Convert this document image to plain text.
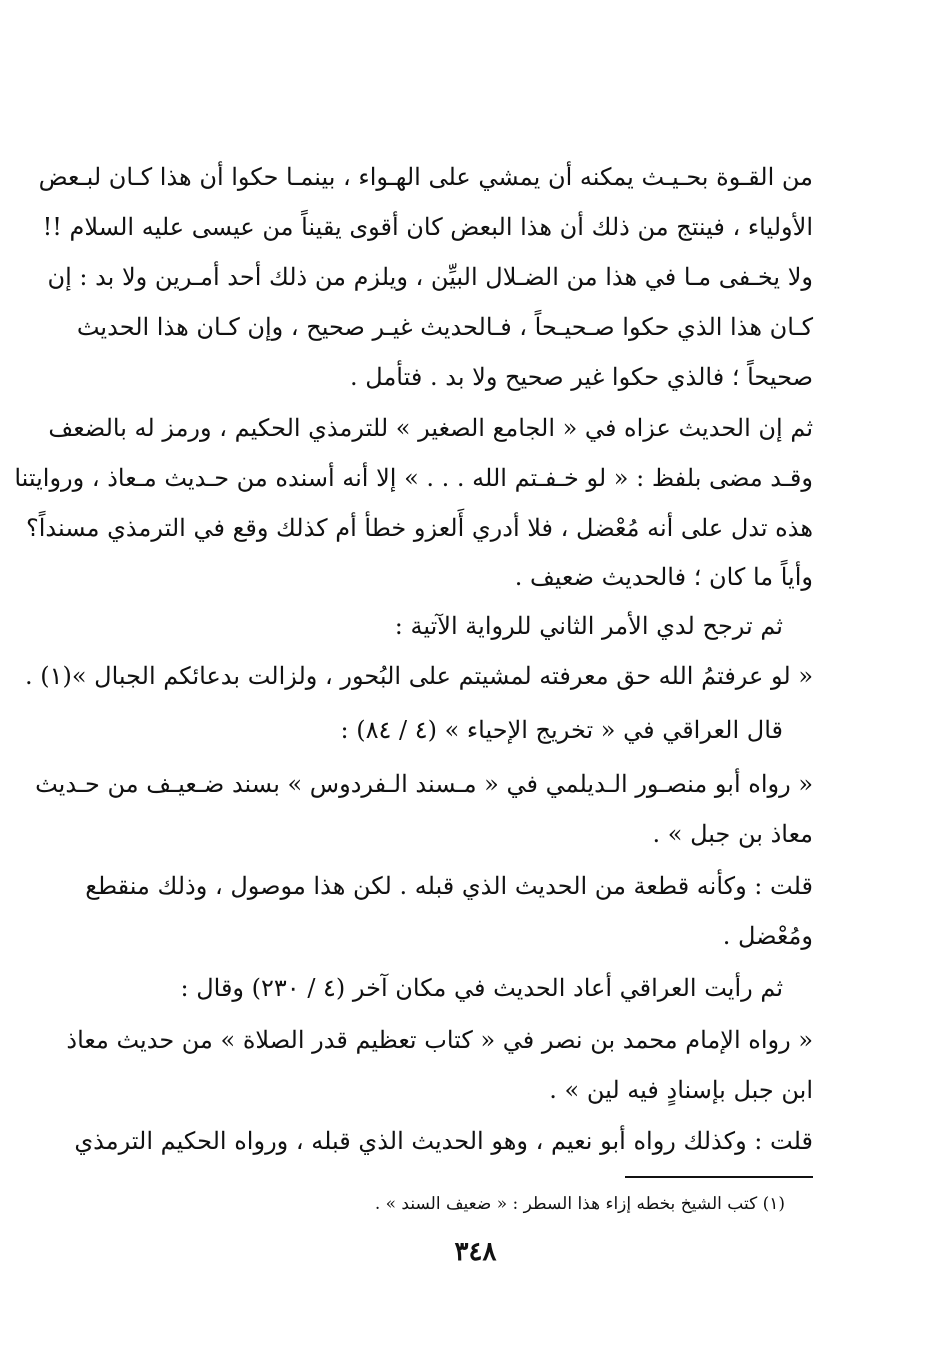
من القـوة بحـيـث يمكنه أن يمشي على الهـواء ، بينمـا حكوا أن هذا كـان لبـعض
الأولياء ، فينتج من ذلك أن هذا البعض كان أقوى يقيناً من عيسى عليه السلام !!
ولا يخـفى مـا في هذا من الضـلال البيِّن ، ويلزم من ذلك أحد أمـرين ولا بد : إن
كـان هذا الذي حكوا صـحيـحاً ، فـالحديث غيـر صحيح ، وإن كـان هذا الحديث
صحيحاً ؛ فالذي حكوا غير صحيح ولا بد . فتأمل .
ثم إن الحديث عزاه في « الجامع الصغير » للترمذي الحكيم ، ورمز له بالضعف
وقـد مضى بلفظ : « لو خـفـتم الله . . . » إلا أنه أسنده من حـديث مـعاذ ، وروايتنا
هذه تدل على أنه مُعْضل ، فلا أدري أَلعزو خطأ أم كذلك وقع في الترمذي مسنداً؟
وأياً ما كان ؛ فالحديث ضعيف .
ثم ترجح لدي الأمر الثاني للرواية الآتية :
« لو عرفتمُ الله حق معرفته لمشيتم على البُحور ، ولزالت بدعائكم الجبال »(١) .
قال العراقي في « تخريج الإحياء » (٤ / ٨٤) :
« رواه أبو منصـور الـديلمي في « مـسند الـفردوس » بسند ضـعيـف من حـديث
معاذ بن جبل » .
قلت : وكأنه قطعة من الحديث الذي قبله . لكن هذا موصول ، وذلك منقطع
ومُعْضل .
ثم رأيت العراقي أعاد الحديث في مكان آخر (٤ / ٢٣٠) وقال :
« رواه الإمام محمد بن نصر في « كتاب تعظيم قدر الصلاة » من حديث معاذ
ابن جبل بإسنادٍ فيه لين » .
قلت : وكذلك رواه أبو نعيم ، وهو الحديث الذي قبله ، ورواه الحكيم الترمذي
(١) كتب الشيخ بخطه إزاء هذا السطر : « ضعيف السند » .
٣٤٨
